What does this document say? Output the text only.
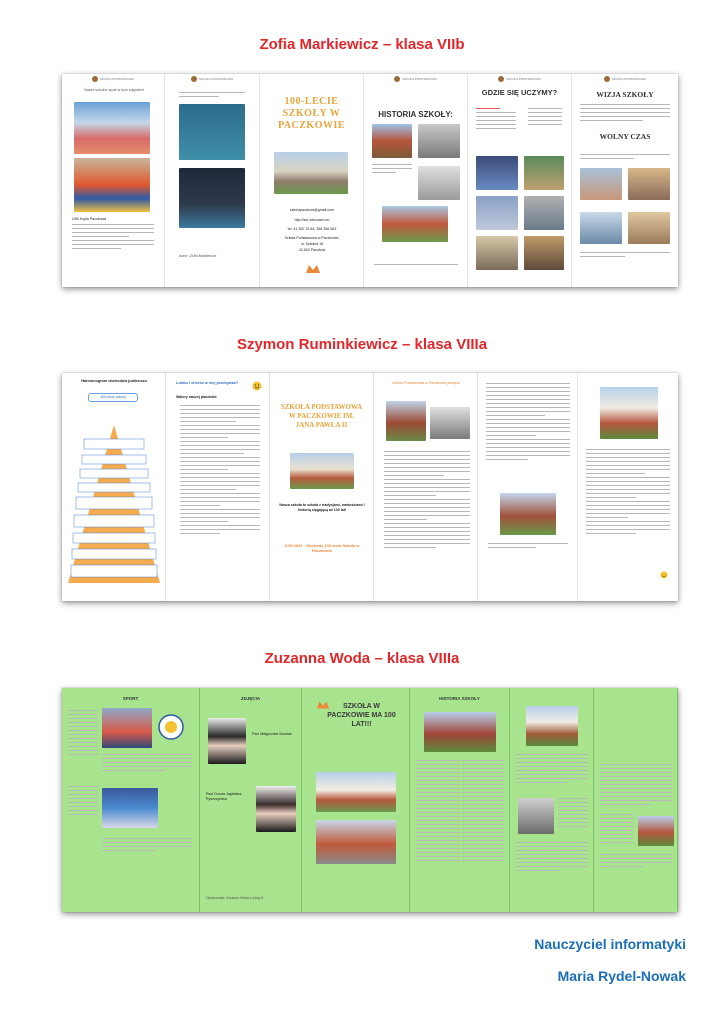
Zofia Markiewicz – klasa VIIb
SZKOŁA PODSTAWOWA
Nasze szkolne życie w tych zdjęciach
U95 Kopla Paczkowa
SZKOŁA PODSTAWOWA
Autor: Zofia Markiewicz
100-LECIE SZKOŁY W PACZKOWIE
szkolapaczkow@gmail.com
http://sm.sitecoach.eu
tel. 41 352 76 84, 356 356 563
Szkoła Podstawowa w Paczkowie,
ul. Szkolna 16
42-602 Paczków
SZKOŁA PODSTAWOWA
HISTORIA SZKOŁY:
SZKOŁA PODSTAWOWA
GDZIE SIĘ UCZYMY?
SZKOŁA PODSTAWOWA
WIZJA SZKOŁY
WOLNY CZAS
Szymon Ruminkiewicz – klasa VIIIa
Harmonogram obchodów jubileuszu
100-lecie szkoły
Lubisz i chcesz w niej przebywać?
Walory naszej placówki:
SZKOŁA PODSTAWOWA W PACZKOWIE IM. JANA PAWŁA II
Nasza szkoła to szkoła z tradycjami, wartościami i historią sięgającą aż 100 lat!
5.05.2023 - Obchody 100-lecia Szkoły w Paczkowie
Szkoła Podstawowa w Paczkowie pamięta
Zuzanna Woda – klasa VIIIa
SPORT	ZDJĘCIA
Pani Małgorzata Szostak
Pani Dorota Jagielska-Ryszczyńska
Opracowała: Zuzanna Woda z klasy 8
SZKOŁA W PACZKOWIE MA 100 LAT!!!
HISTORIA SZKOŁY
Nauczyciel informatyki
Maria Rydel-Nowak
